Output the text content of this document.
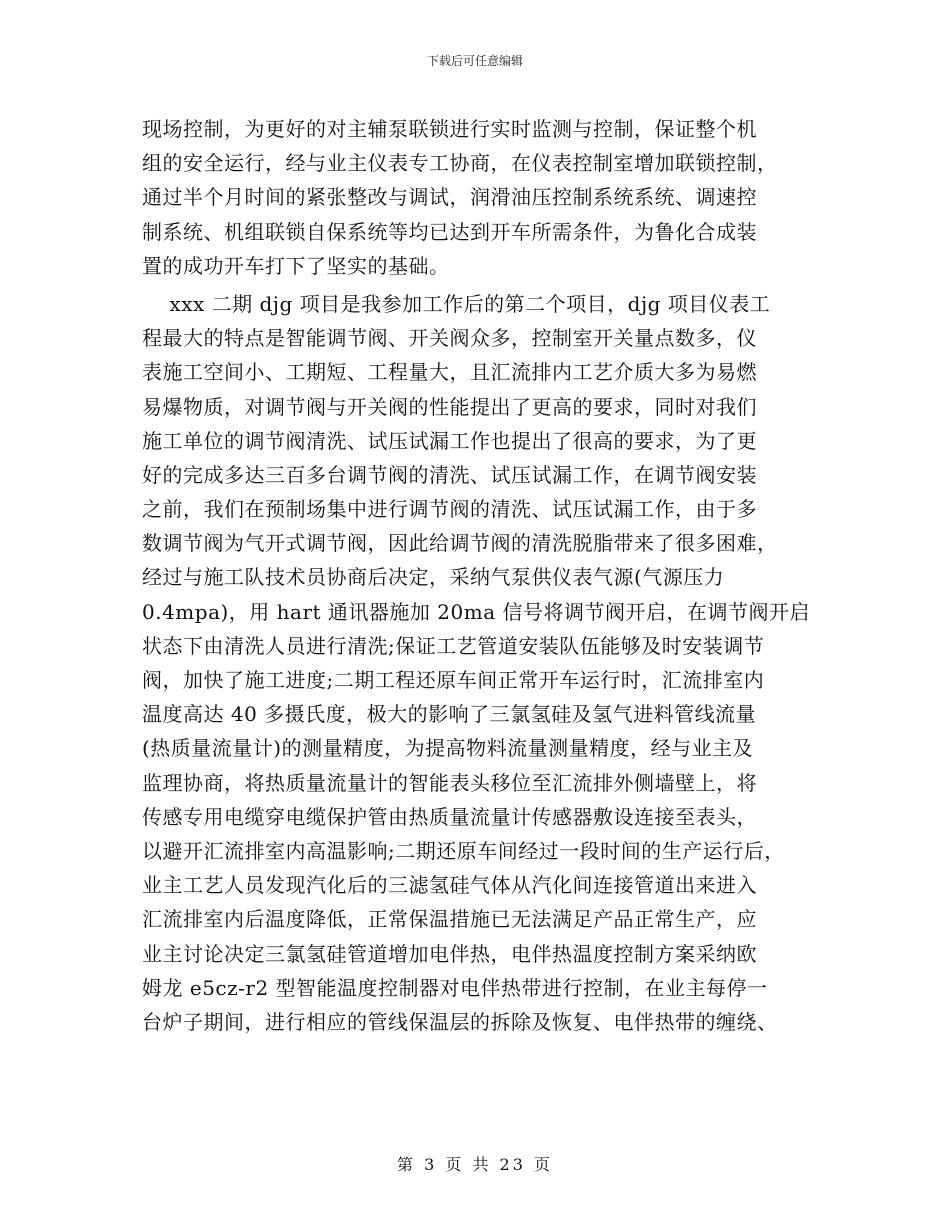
下载后可任意编辑
现场控制，为更好的对主辅泵联锁进行实时监测与控制，保证整个机
组的安全运行，经与业主仪表专工协商，在仪表控制室增加联锁控制，
通过半个月时间的紧张整改与调试，润滑油压控制系统系统、调速控
制系统、机组联锁自保系统等均已达到开车所需条件，为鲁化合成装
置的成功开车打下了坚实的基础。
xxx 二期 djg 项目是我参加工作后的第二个项目，djg 项目仪表工
程最大的特点是智能调节阀、开关阀众多，控制室开关量点数多，仪
表施工空间小、工期短、工程量大，且汇流排内工艺介质大多为易燃
易爆物质，对调节阀与开关阀的性能提出了更高的要求，同时对我们
施工单位的调节阀清洗、试压试漏工作也提出了很高的要求，为了更
好的完成多达三百多台调节阀的清洗、试压试漏工作，在调节阀安装
之前，我们在预制场集中进行调节阀的清洗、试压试漏工作，由于多
数调节阀为气开式调节阀，因此给调节阀的清洗脱脂带来了很多困难，
经过与施工队技术员协商后决定，采纳气泵供仪表气源(气源压力
0.4mpa)，用 hart 通讯器施加 20ma 信号将调节阀开启，在调节阀开启
状态下由清洗人员进行清洗;保证工艺管道安装队伍能够及时安装调节
阀，加快了施工进度;二期工程还原车间正常开车运行时，汇流排室内
温度高达 40 多摄氏度，极大的影响了三氯氢硅及氢气进料管线流量
(热质量流量计)的测量精度，为提高物料流量测量精度，经与业主及
监理协商，将热质量流量计的智能表头移位至汇流排外侧墙壁上，将
传感专用电缆穿电缆保护管由热质量流量计传感器敷设连接至表头，
以避开汇流排室内高温影响;二期还原车间经过一段时间的生产运行后，
业主工艺人员发现汽化后的三滤氢硅气体从汽化间连接管道出来进入
汇流排室内后温度降低，正常保温措施已无法满足产品正常生产，应
业主讨论决定三氯氢硅管道增加电伴热，电伴热温度控制方案采纳欧
姆龙 e5cz-r2 型智能温度控制器对电伴热带进行控制，在业主每停一
台炉子期间，进行相应的管线保温层的拆除及恢复、电伴热带的缠绕、
第 3 页 共 23 页
